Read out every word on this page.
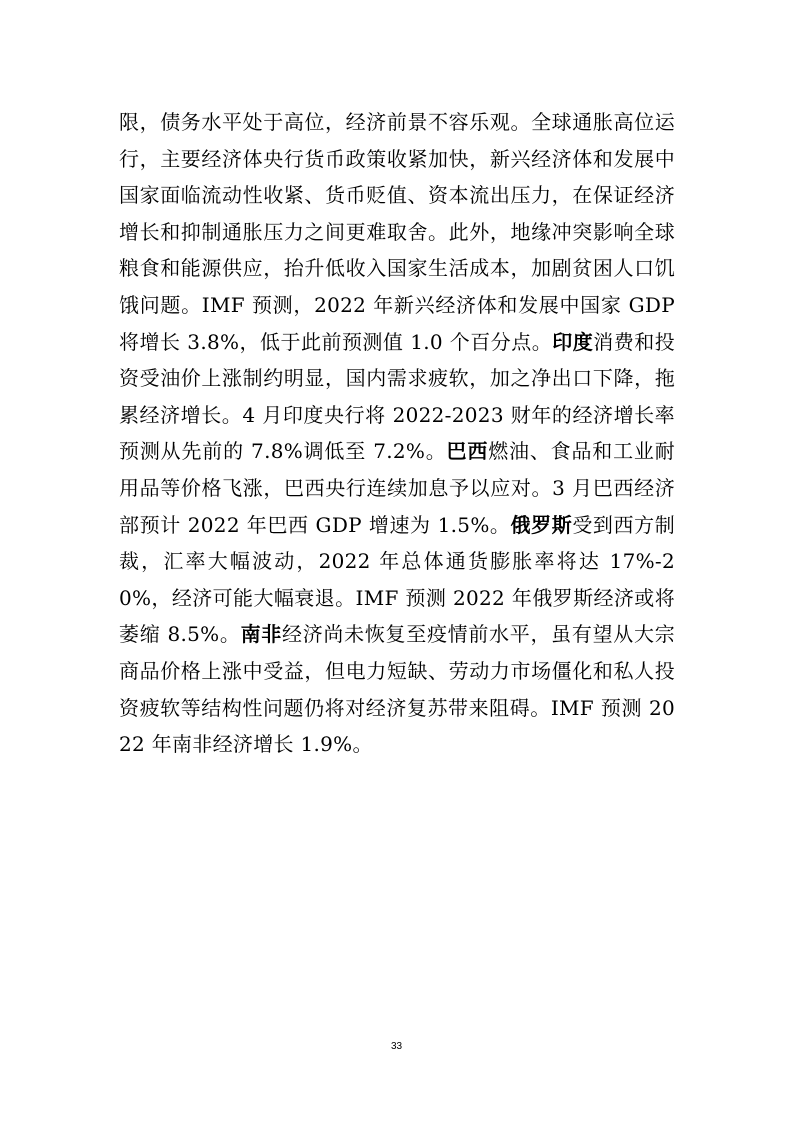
限，债务水平处于高位，经济前景不容乐观。全球通胀高位运行，主要经济体央行货币政策收紧加快，新兴经济体和发展中国家面临流动性收紧、货币贬值、资本流出压力，在保证经济增长和抑制通胀压力之间更难取舍。此外，地缘冲突影响全球粮食和能源供应，抬升低收入国家生活成本，加剧贫困人口饥饿问题。IMF 预测，2022 年新兴经济体和发展中国家 GDP 将增长 3.8%，低于此前预测值 1.0 个百分点。印度消费和投资受油价上涨制约明显，国内需求疲软，加之净出口下降，拖累经济增长。4 月印度央行将 2022-2023 财年的经济增长率预测从先前的 7.8%调低至 7.2%。巴西燃油、食品和工业耐用品等价格飞涨，巴西央行连续加息予以应对。3 月巴西经济部预计 2022 年巴西 GDP 增速为 1.5%。俄罗斯受到西方制裁，汇率大幅波动，2022 年总体通货膨胀率将达 17%-20%，经济可能大幅衰退。IMF 预测 2022 年俄罗斯经济或将萎缩 8.5%。南非经济尚未恢复至疫情前水平，虽有望从大宗商品价格上涨中受益，但电力短缺、劳动力市场僵化和私人投资疲软等结构性问题仍将对经济复苏带来阻碍。IMF 预测 2022 年南非经济增长 1.9%。

33
